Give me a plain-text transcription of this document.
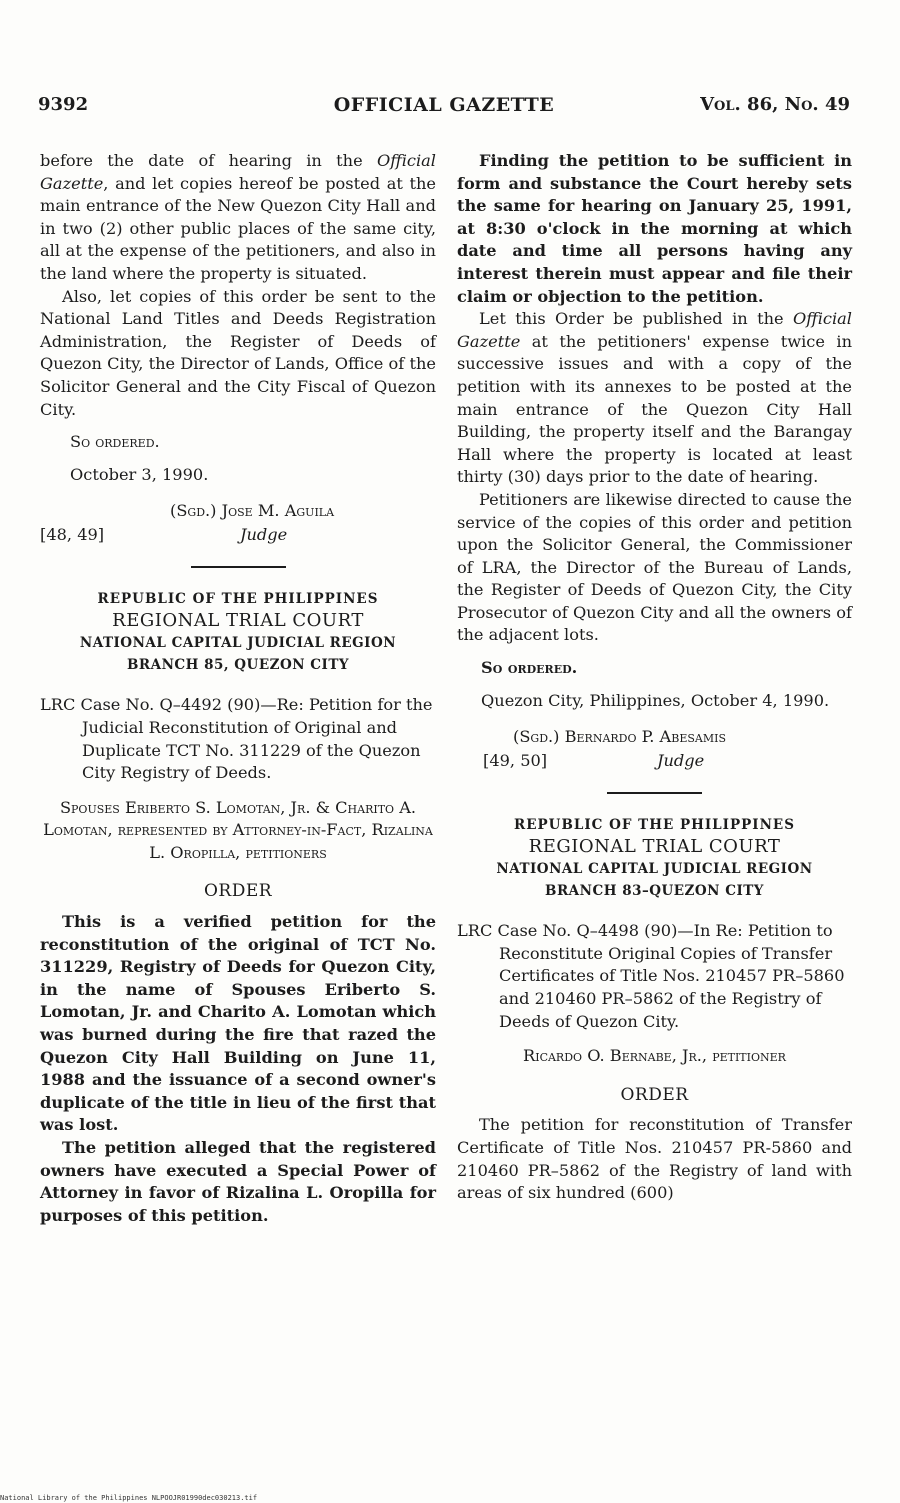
9392	OFFICIAL GAZETTE	Vol. 86, No. 49

before the date of hearing in the Official Gazette, and let copies hereof be posted at the main entrance of the New Quezon City Hall and in two (2) other public places of the same city, all at the expense of the petitioners, and also in the land where the property is situated.

Also, let copies of this order be sent to the National Land Titles and Deeds Registration Administration, the Register of Deeds of Quezon City, the Director of Lands, Office of the Solicitor General and the City Fiscal of Quezon City.

So ordered.

October 3, 1990.

(Sgd.) Jose M. Aguila
[48, 49]	Judge
REPUBLIC OF THE PHILIPPINES
REGIONAL TRIAL COURT
NATIONAL CAPITAL JUDICIAL REGION
BRANCH 85, QUEZON CITY

LRC Case No. Q–4492 (90)—Re: Petition for the Judicial Reconstitution of Original and Duplicate TCT No. 311229 of the Quezon City Registry of Deeds.

Spouses Eriberto S. Lomotan, Jr. & Charito A. Lomotan, represented by Attorney-in-Fact, Rizalina L. Oropilla, petitioners

ORDER

This is a verified petition for the reconstitution of the original of TCT No. 311229, Registry of Deeds for Quezon City, in the name of Spouses Eriberto S. Lomotan, Jr. and Charito A. Lomotan which was burned during the fire that razed the Quezon City Hall Building on June 11, 1988 and the issuance of a second owner's duplicate of the title in lieu of the first that was lost.

The petition alleged that the registered owners have executed a Special Power of Attorney in favor of Rizalina L. Oropilla for purposes of this petition.

Finding the petition to be sufficient in form and substance the Court hereby sets the same for hearing on January 25, 1991, at 8:30 o'clock in the morning at which date and time all persons having any interest therein must appear and file their claim or objection to the petition.

Let this Order be published in the Official Gazette at the petitioners' expense twice in successive issues and with a copy of the petition with its annexes to be posted at the main entrance of the Quezon City Hall Building, the property itself and the Barangay Hall where the property is located at least thirty (30) days prior to the date of hearing.

Petitioners are likewise directed to cause the service of the copies of this order and petition upon the Solicitor General, the Commissioner of LRA, the Director of the Bureau of Lands, the Register of Deeds of Quezon City, the City Prosecutor of Quezon City and all the owners of the adjacent lots.

So ordered.

Quezon City, Philippines, October 4, 1990.

(Sgd.) Bernardo P. Abesamis
[49, 50]	Judge
REPUBLIC OF THE PHILIPPINES
REGIONAL TRIAL COURT
NATIONAL CAPITAL JUDICIAL REGION
BRANCH 83–QUEZON CITY

LRC Case No. Q–4498 (90)—In Re: Petition to Reconstitute Original Copies of Transfer Certificates of Title Nos. 210457 PR–5860 and 210460 PR–5862 of the Registry of Deeds of Quezon City.

Ricardo O. Bernabe, Jr., petitioner

ORDER

The petition for reconstitution of Transfer Certificate of Title Nos. 210457 PR-5860 and 210460 PR–5862 of the Registry of land with areas of six hundred (600)

National Library of the Philippines NLPOOJR01990dec030213.tif
